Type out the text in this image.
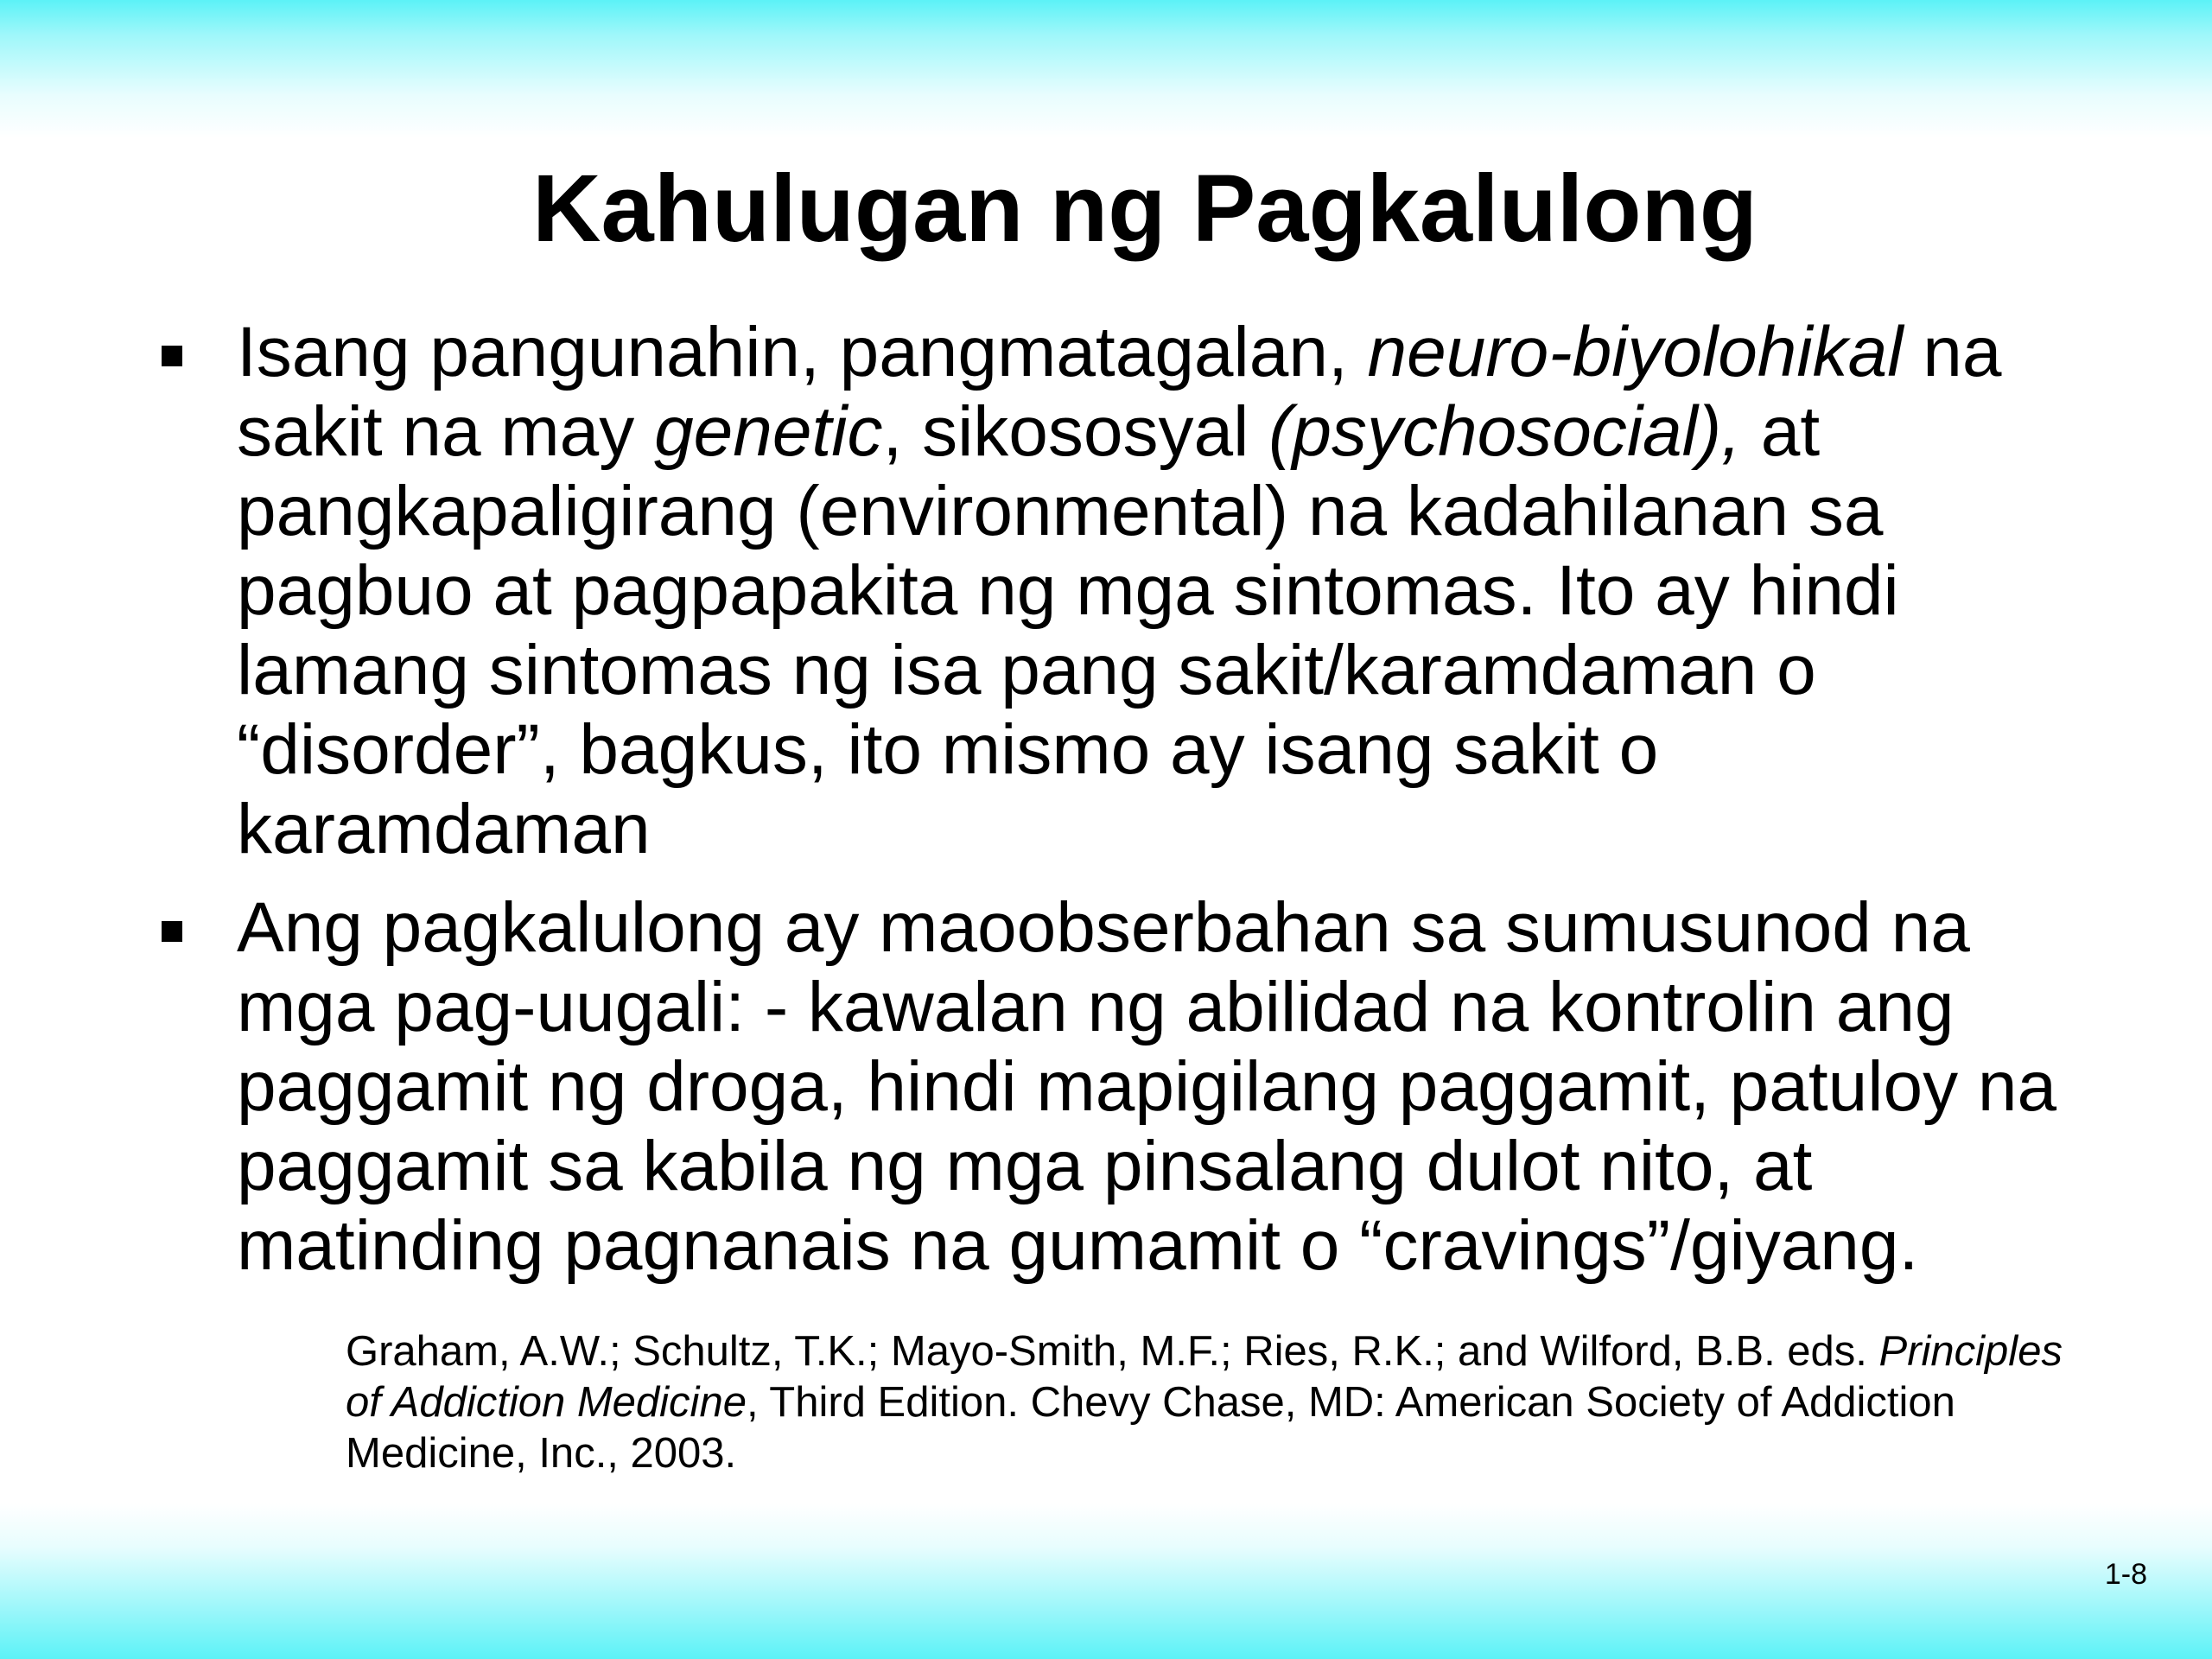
Kahulugan ng Pagkalulong
Isang pangunahin, pangmatagalan, neuro-biyolohikal na sakit na may genetic, sikososyal (psychosocial), at pangkapaligirang (environmental) na kadahilanan sa pagbuo at pagpapakita ng mga sintomas. Ito ay hindi lamang sintomas ng isa pang sakit/karamdaman o “disorder”, bagkus, ito mismo ay isang sakit o karamdaman
Ang pagkalulong ay maoobserbahan sa sumusunod na mga pag-uugali: - kawalan ng abilidad na kontrolin ang paggamit ng droga, hindi mapigilang paggamit, patuloy na paggamit sa kabila ng mga pinsalang dulot nito, at matinding pagnanais na gumamit o “cravings”/giyang.

Graham, A.W.; Schultz, T.K.; Mayo-Smith, M.F.; Ries, R.K.; and Wilford, B.B. eds. Principles of Addiction Medicine, Third Edition. Chevy Chase, MD: American Society of Addiction Medicine, Inc., 2003.

1-8
